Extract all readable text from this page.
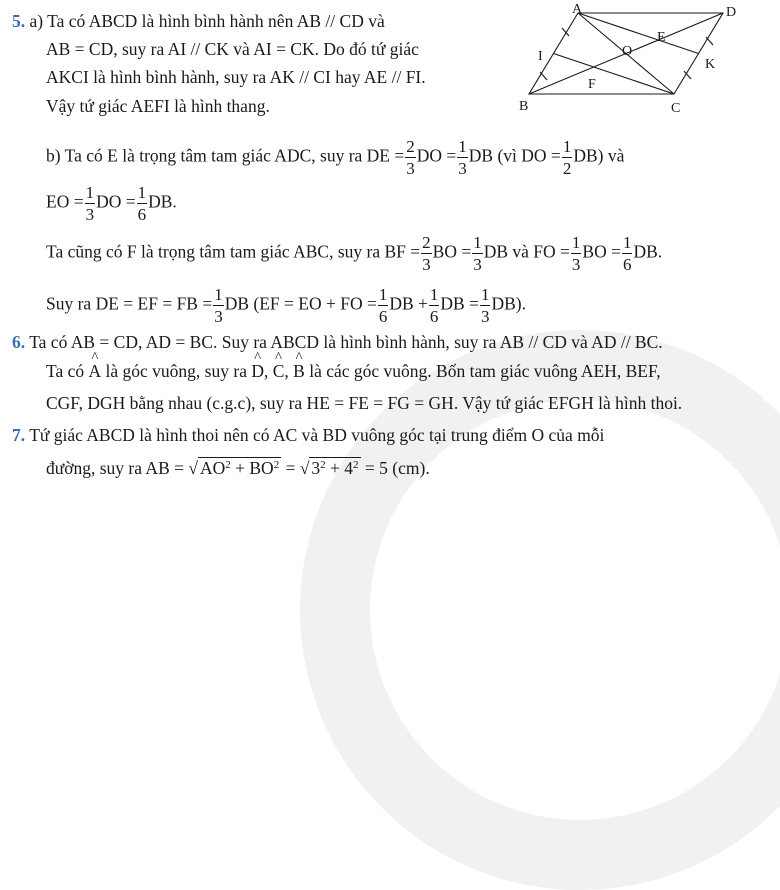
5. a) Ta có ABCD là hình bình hành nên AB // CD và
AB = CD, suy ra AI // CK và AI = CK. Do đó tứ giác
AKCI là hình bình hành, suy ra AK // CI hay AE // FI.
Vậy tứ giác AEFI là hình thang.
A	D
B	C
I	O
E
K
F
b) Ta có E là trọng tâm tam giác ADC, suy ra DE = $\frac{2}{3}$ DO = $\frac{1}{3}$ DB (vì DO = $\frac{1}{2} DB$) và
EO = $\frac{1}{3}$ DO = $\frac{1}{6}$ DB.
Ta cũng có F là trọng tâm tam giác ABC, suy ra BF = $\frac{2}{3}$ BO = $\frac{1}{3}$ DB và FO = $\frac{1}{3}$ BO = $\frac{1}{6}$ DB.
Suy ra DE = EF = FB = $\frac{1}{3}$ DB (EF = EO + FO = $\frac{1}{6}$ DB + $\frac{1}{6}$ DB = $\frac{1}{3} DB$).
6. Ta có AB = CD, AD = BC. Suy ra ABCD là hình bình hành, suy ra AB // CD và AD // BC.
Ta có ^ A là góc vuông, suy ra ^ D, ^ C, ^ B là các góc vuông. Bốn tam giác vuông AEH, BEF,
CGF, DGH bằng nhau (c.g.c), suy ra HE = FE = FG = GH. Vậy tứ giác EFGH là hình thoi.
7. Tứ giác ABCD là hình thoi nên có AC và BD vuông góc tại trung điểm O của mỗi
đường, suy ra AB = √ $AO^2 + BO^2$ = √ $3^2 + 4^2 = 5$ (cm).
